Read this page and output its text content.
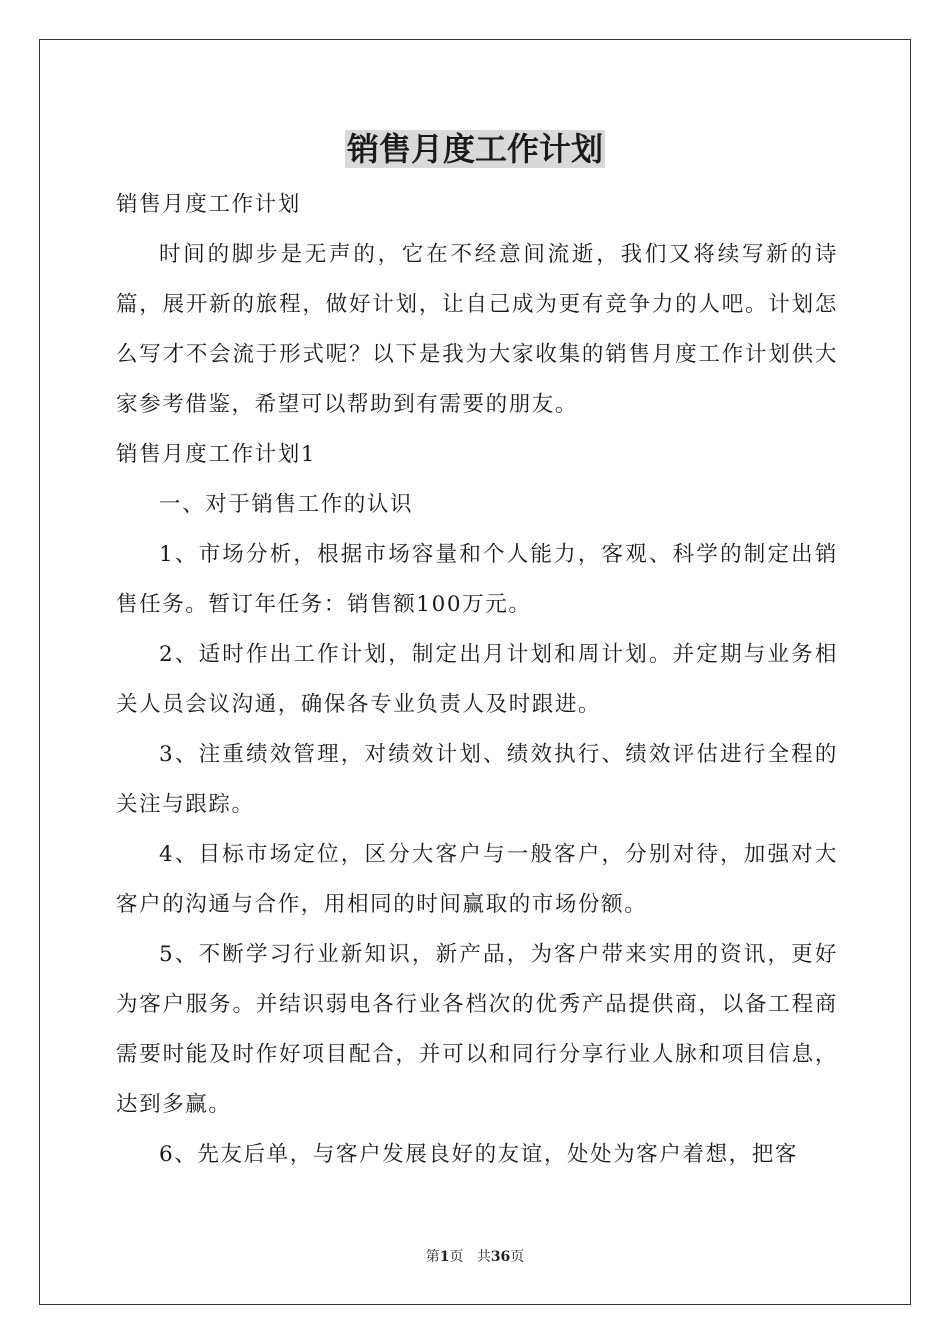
销售月度工作计划

销售月度工作计划

时间的脚步是无声的，它在不经意间流逝，我们又将续写新的诗篇，展开新的旅程，做好计划，让自己成为更有竞争力的人吧。计划怎么写才不会流于形式呢？以下是我为大家收集的销售月度工作计划供大家参考借鉴，希望可以帮助到有需要的朋友。

销售月度工作计划1

一、对于销售工作的认识

1、市场分析，根据市场容量和个人能力，客观、科学的制定出销售任务。暂订年任务：销售额100万元。

2、适时作出工作计划，制定出月计划和周计划。并定期与业务相关人员会议沟通，确保各专业负责人及时跟进。

3、注重绩效管理，对绩效计划、绩效执行、绩效评估进行全程的关注与跟踪。

4、目标市场定位，区分大客户与一般客户，分别对待，加强对大客户的沟通与合作，用相同的时间赢取的市场份额。

5、不断学习行业新知识，新产品，为客户带来实用的资讯，更好为客户服务。并结识弱电各行业各档次的优秀产品提供商，以备工程商需要时能及时作好项目配合，并可以和同行分享行业人脉和项目信息，达到多赢。

6、先友后单，与客户发展良好的友谊，处处为客户着想，把客

第1页 共36页
